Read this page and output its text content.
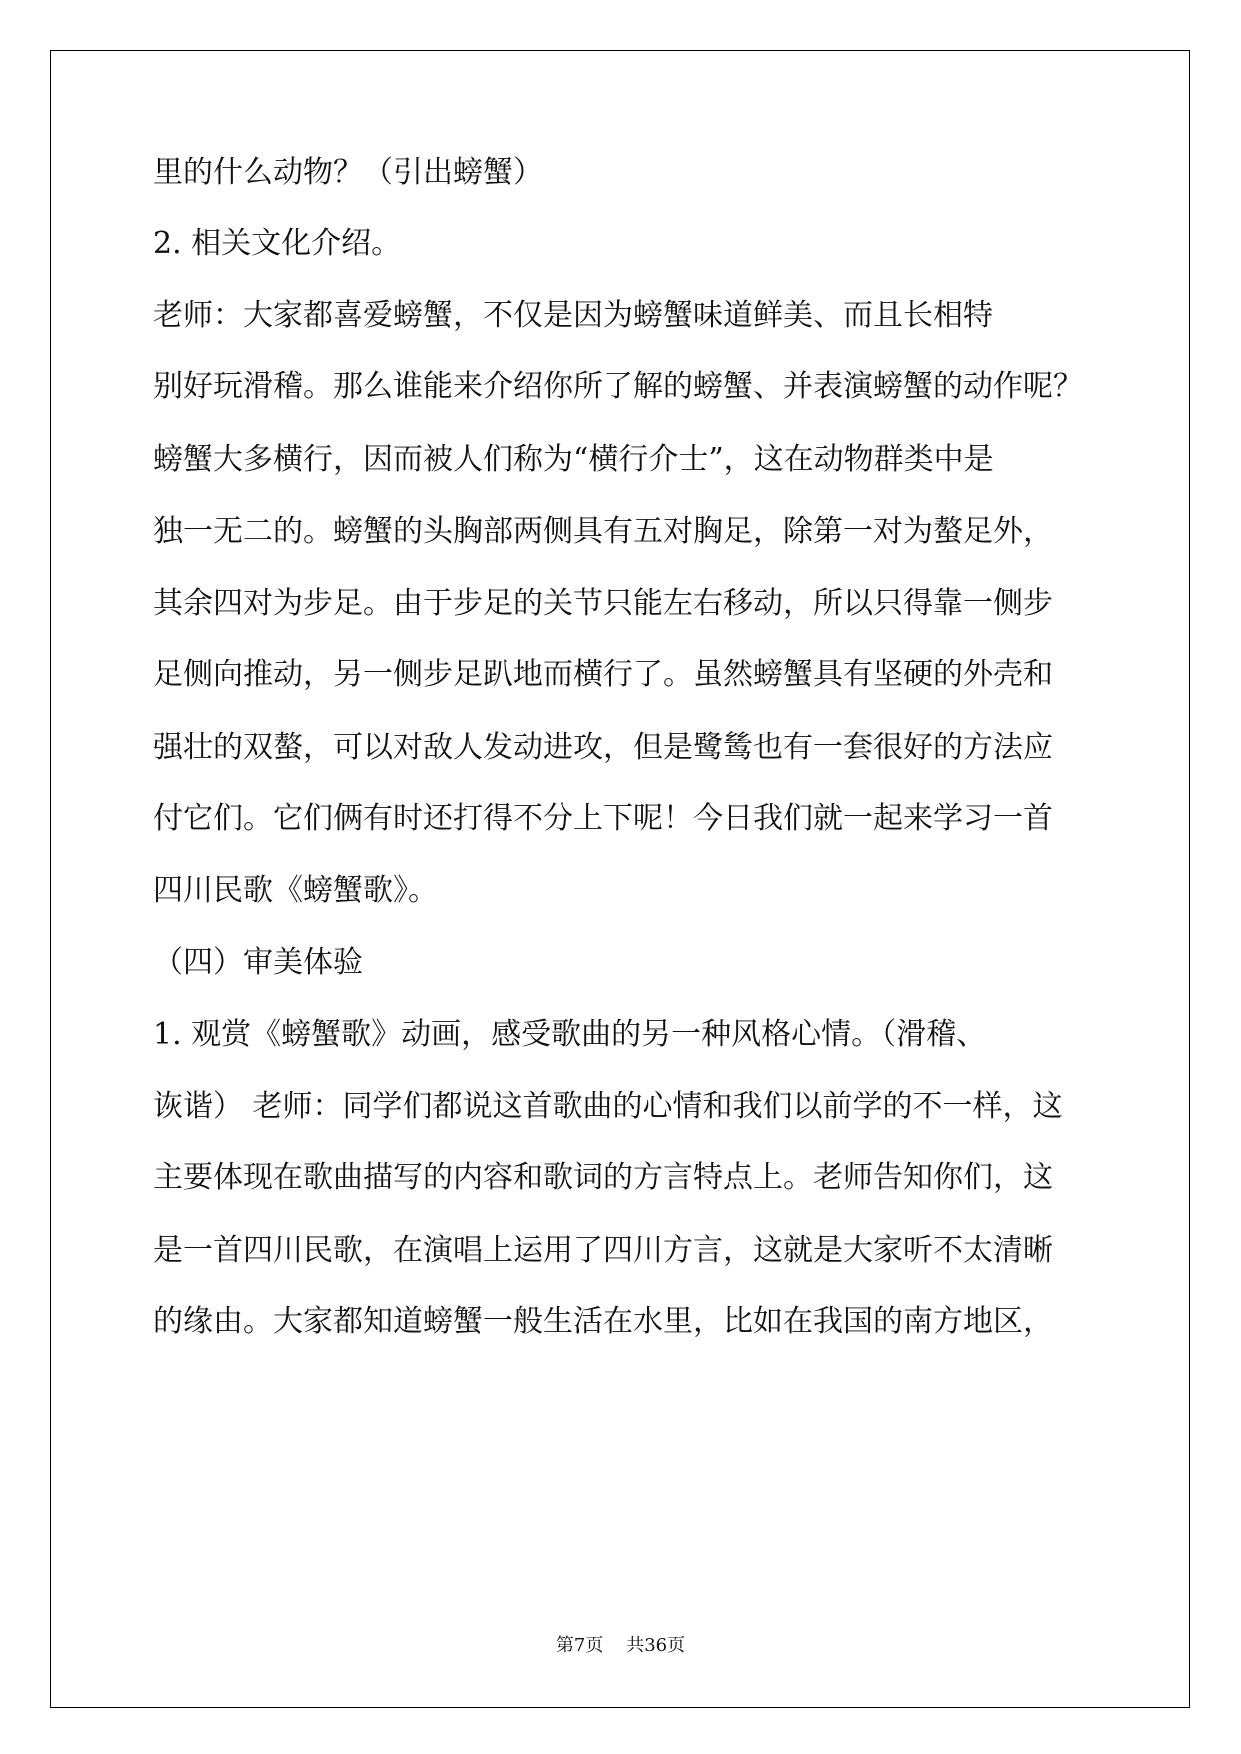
里的什么动物？（引出螃蟹）
2. 相关文化介绍。
老师：大家都喜爱螃蟹，不仅是因为螃蟹味道鲜美、而且长相特
别好玩滑稽。那么谁能来介绍你所了解的螃蟹、并表演螃蟹的动作呢？
螃蟹大多横行，因而被人们称为“横行介士”，这在动物群类中是
独一无二的。螃蟹的头胸部两侧具有五对胸足，除第一对为螯足外，
其余四对为步足。由于步足的关节只能左右移动，所以只得靠一侧步
足侧向推动，另一侧步足趴地而横行了。虽然螃蟹具有坚硬的外壳和
强壮的双螯，可以对敌人发动进攻，但是鹭鸶也有一套很好的方法应
付它们。它们俩有时还打得不分上下呢！今日我们就一起来学习一首
四川民歌《螃蟹歌》。
（四）审美体验
1. 观赏《螃蟹歌》动画，感受歌曲的另一种风格心情。（滑稽、
诙谐） 老师：同学们都说这首歌曲的心情和我们以前学的不一样，这
主要体现在歌曲描写的内容和歌词的方言特点上。老师告知你们，这
是一首四川民歌，在演唱上运用了四川方言，这就是大家听不太清晰
的缘由。大家都知道螃蟹一般生活在水里，比如在我国的南方地区，
第7页    共36页
